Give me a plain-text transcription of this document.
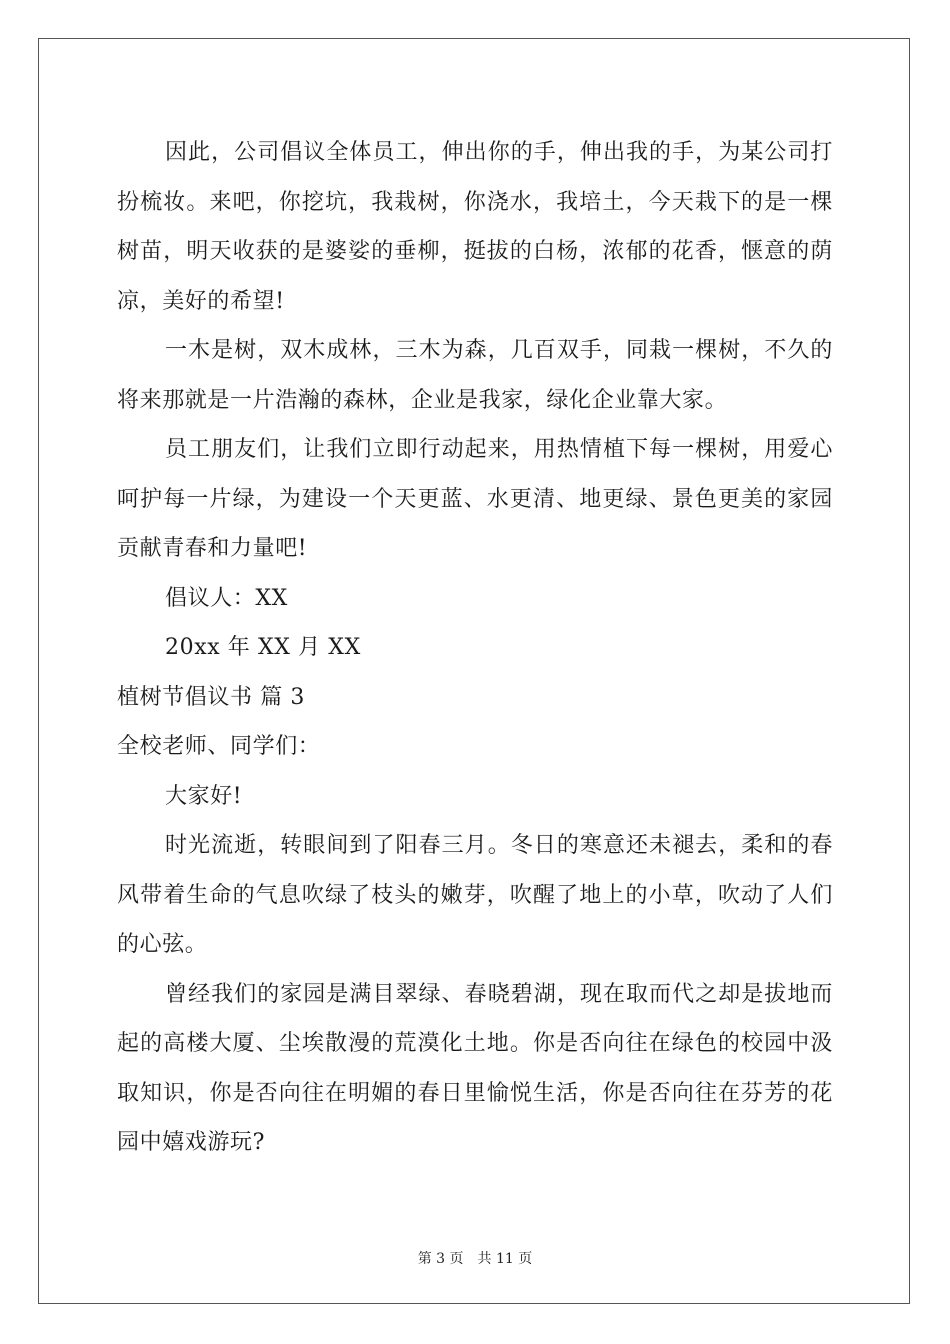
因此，公司倡议全体员工，伸出你的手，伸出我的手，为某公司打扮梳妆。来吧，你挖坑，我栽树，你浇水，我培土，今天栽下的是一棵树苗，明天收获的是婆娑的垂柳，挺拔的白杨，浓郁的花香，惬意的荫凉，美好的希望!

一木是树，双木成林，三木为森，几百双手，同栽一棵树，不久的将来那就是一片浩瀚的森林，企业是我家，绿化企业靠大家。

员工朋友们，让我们立即行动起来，用热情植下每一棵树，用爱心呵护每一片绿，为建设一个天更蓝、水更清、地更绿、景色更美的家园贡献青春和力量吧!

倡议人：XX

20xx 年 XX 月 XX

植树节倡议书 篇 3

全校老师、同学们：

大家好!

时光流逝，转眼间到了阳春三月。冬日的寒意还未褪去，柔和的春风带着生命的气息吹绿了枝头的嫩芽，吹醒了地上的小草，吹动了人们的心弦。

曾经我们的家园是满目翠绿、春晓碧湖，现在取而代之却是拔地而起的高楼大厦、尘埃散漫的荒漠化土地。你是否向往在绿色的校园中汲取知识，你是否向往在明媚的春日里愉悦生活，你是否向往在芬芳的花园中嬉戏游玩?

第 3 页 共 11 页
